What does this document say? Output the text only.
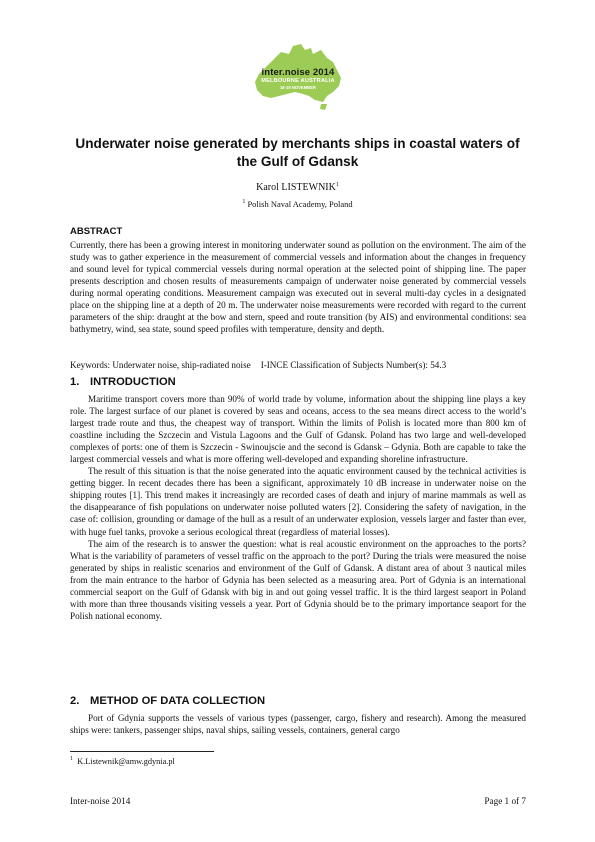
inter.noise 2014
MELBOURNE AUSTRALIA
16-19 NOVEMBER
Underwater noise generated by merchants ships in coastal waters of
the Gulf of Gdansk
Karol LISTEWNIK$^1$
$^1$ Polish Naval Academy, Poland
ABSTRACT

Currently, there has been a growing interest in monitoring underwater sound as pollution on the environment. The aim of the study was to gather experience in the measurement of commercial vessels and information about the changes in frequency and sound level for typical commercial vessels during normal operation at the selected point of shipping line. The paper presents description and chosen results of measurements campaign of underwater noise generated by commercial vessels during normal operating conditions. Measurement campaign was executed out in several multi-day cycles in a designated place on the shipping line at a depth of 20 m. The underwater noise measurements were recorded with regard to the current parameters of the ship: draught at the bow and stern, speed and route transition (by AIS) and environmental conditions: sea bathymetry, wind, sea state, sound speed profiles with temperature, density and depth.

Keywords: Underwater noise, ship-radiated noise I-INCE Classification of Subjects Number(s): 54.3
1. INTRODUCTION

Maritime transport covers more than 90% of world trade by volume, information about the shipping line plays a key role. The largest surface of our planet is covered by seas and oceans, access to the sea means direct access to the world’s largest trade route and thus, the cheapest way of transport. Within the limits of Polish is located more than 800 km of coastline including the Szczecin and Vistula Lagoons and the Gulf of Gdansk. Poland has two large and well-developed complexes of ports: one of them is Szczecin - Swinoujscie and the second is Gdansk – Gdynia. Both are capable to take the largest commercial vessels and what is more offering well-developed and expanding shoreline infrastructure.

The result of this situation is that the noise generated into the aquatic environment caused by the technical activities is getting bigger. In recent decades there has been a significant, approximately 10 dB increase in underwater noise on the shipping routes [1]. This trend makes it increasingly are recorded cases of death and injury of marine mammals as well as the disappearance of fish populations on underwater noise polluted waters [2]. Considering the safety of navigation, in the case of: collision, grounding or damage of the hull as a result of an underwater explosion, vessels larger and faster than ever, with huge fuel tanks, provoke a serious ecological threat (regardless of material losses).

The aim of the research is to answer the question: what is real acoustic environment on the approaches to the ports? What is the variability of parameters of vessel traffic on the approach to the port? During the trials were measured the noise generated by ships in realistic scenarios and environment of the Gulf of Gdansk. A distant area of about 3 nautical miles from the main entrance to the harbor of Gdynia has been selected as a measuring area. Port of Gdynia is an international commercial seaport on the Gulf of Gdansk with big in and out going vessel traffic. It is the third largest seaport in Poland with more than three thousands visiting vessels a year. Port of Gdynia should be to the primary importance seaport for the Polish national economy.

2. METHOD OF DATA COLLECTION

Port of Gdynia supports the vessels of various types (passenger, cargo, fishery and research). Among the measured ships were: tankers, passenger ships, naval ships, sailing vessels, containers, general cargo

$^1$ K.Listewnik@amw.gdynia.pl
Inter-noise 2014	Page 1 of 7
